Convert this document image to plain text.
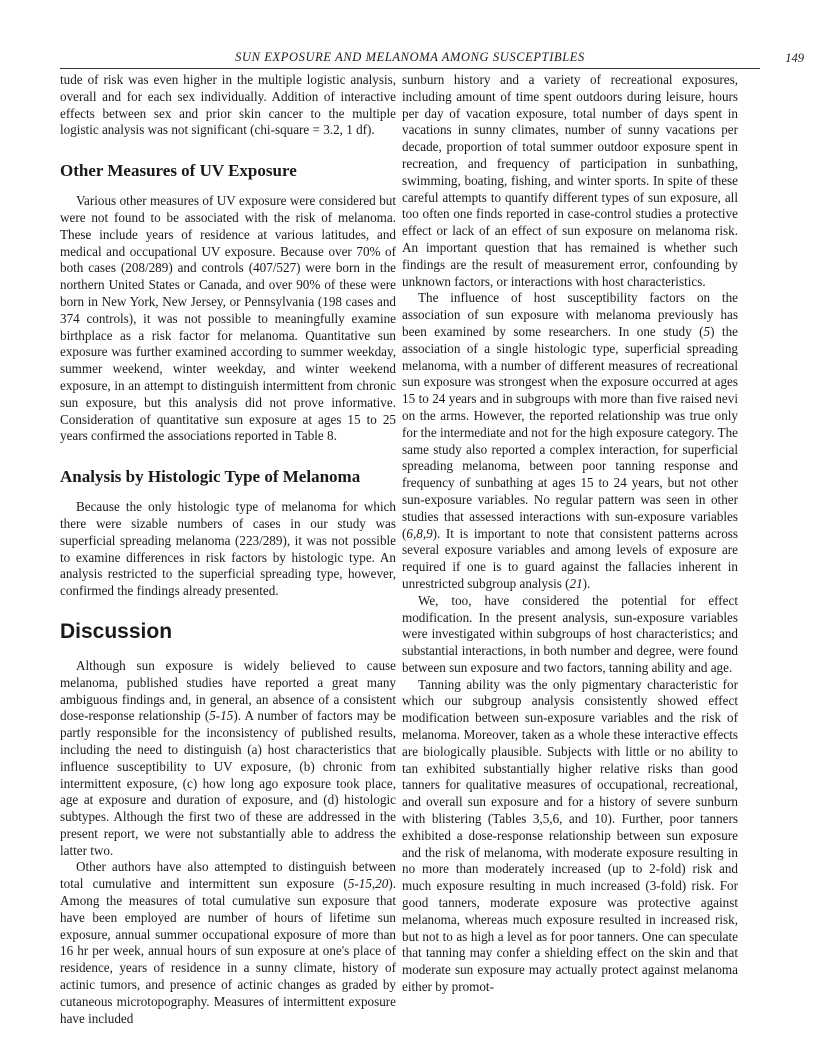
SUN EXPOSURE AND MELANOMA AMONG SUSCEPTIBLES	149

tude of risk was even higher in the multiple logistic analysis, overall and for each sex individually. Addition of interactive effects between sex and prior skin cancer to the multiple logistic analysis was not significant (chi-square = 3.2, 1 df).

Other Measures of UV Exposure

Various other measures of UV exposure were considered but were not found to be associated with the risk of melanoma. These include years of residence at various latitudes, and medical and occupational UV exposure. Because over 70% of both cases (208/289) and controls (407/527) were born in the northern United States or Canada, and over 90% of these were born in New York, New Jersey, or Pennsylvania (198 cases and 374 controls), it was not possible to meaningfully examine birthplace as a risk factor for melanoma. Quantitative sun exposure was further examined according to summer weekday, summer weekend, winter weekday, and winter weekend exposure, in an attempt to distinguish intermittent from chronic sun exposure, but this analysis did not prove informative. Consideration of quantitative sun exposure at ages 15 to 25 years confirmed the associations reported in Table 8.

Analysis by Histologic Type of Melanoma

Because the only histologic type of melanoma for which there were sizable numbers of cases in our study was superficial spreading melanoma (223/289), it was not possible to examine differences in risk factors by histologic type. An analysis restricted to the superficial spreading type, however, confirmed the findings already presented.

Discussion

Although sun exposure is widely believed to cause melanoma, published studies have reported a great many ambiguous findings and, in general, an absence of a consistent dose-response relationship (5-15). A number of factors may be partly responsible for the inconsistency of published results, including the need to distinguish (a) host characteristics that influence susceptibility to UV exposure, (b) chronic from intermittent exposure, (c) how long ago exposure took place, age at exposure and duration of exposure, and (d) histologic subtypes. Although the first two of these are addressed in the present report, we were not substantially able to address the latter two.

Other authors have also attempted to distinguish between total cumulative and intermittent sun exposure (5-15,20). Among the measures of total cumulative sun exposure that have been employed are number of hours of lifetime sun exposure, annual summer occupational exposure of more than 16 hr per week, annual hours of sun exposure at one's place of residence, years of residence in a sunny climate, history of actinic tumors, and presence of actinic changes as graded by cutaneous microtopography. Measures of intermittent exposure have included

sunburn history and a variety of recreational exposures, including amount of time spent outdoors during leisure, hours per day of vacation exposure, total number of days spent in vacations in sunny climates, number of sunny vacations per decade, proportion of total summer outdoor exposure spent in recreation, and frequency of participation in sunbathing, swimming, boating, fishing, and winter sports. In spite of these careful attempts to quantify different types of sun exposure, all too often one finds reported in case-control studies a protective effect or lack of an effect of sun exposure on melanoma risk. An important question that has remained is whether such findings are the result of measurement error, confounding by unknown factors, or interactions with host characteristics.

The influence of host susceptibility factors on the association of sun exposure with melanoma previously has been examined by some researchers. In one study (5) the association of a single histologic type, superficial spreading melanoma, with a number of different measures of recreational sun exposure was strongest when the exposure occurred at ages 15 to 24 years and in subgroups with more than five raised nevi on the arms. However, the reported relationship was true only for the intermediate and not for the high exposure category. The same study also reported a complex interaction, for superficial spreading melanoma, between poor tanning response and frequency of sunbathing at ages 15 to 24 years, but not other sun-exposure variables. No regular pattern was seen in other studies that assessed interactions with sun-exposure variables (6,8,9). It is important to note that consistent patterns across several exposure variables and among levels of exposure are required if one is to guard against the fallacies inherent in unrestricted subgroup analysis (21).

We, too, have considered the potential for effect modification. In the present analysis, sun-exposure variables were investigated within subgroups of host characteristics; and substantial interactions, in both number and degree, were found between sun exposure and two factors, tanning ability and age.

Tanning ability was the only pigmentary characteristic for which our subgroup analysis consistently showed effect modification between sun-exposure variables and the risk of melanoma. Moreover, taken as a whole these interactive effects are biologically plausible. Subjects with little or no ability to tan exhibited substantially higher relative risks than good tanners for qualitative measures of occupational, recreational, and overall sun exposure and for a history of severe sunburn with blistering (Tables 3,5,6, and 10). Further, poor tanners exhibited a dose-response relationship between sun exposure and the risk of melanoma, with moderate exposure resulting in no more than moderately increased (up to 2-fold) risk and much exposure resulting in much increased (3-fold) risk. For good tanners, moderate exposure was protective against melanoma, whereas much exposure resulted in increased risk, but not to as high a level as for poor tanners. One can speculate that tanning may confer a shielding effect on the skin and that moderate sun exposure may actually protect against melanoma either by promot-
